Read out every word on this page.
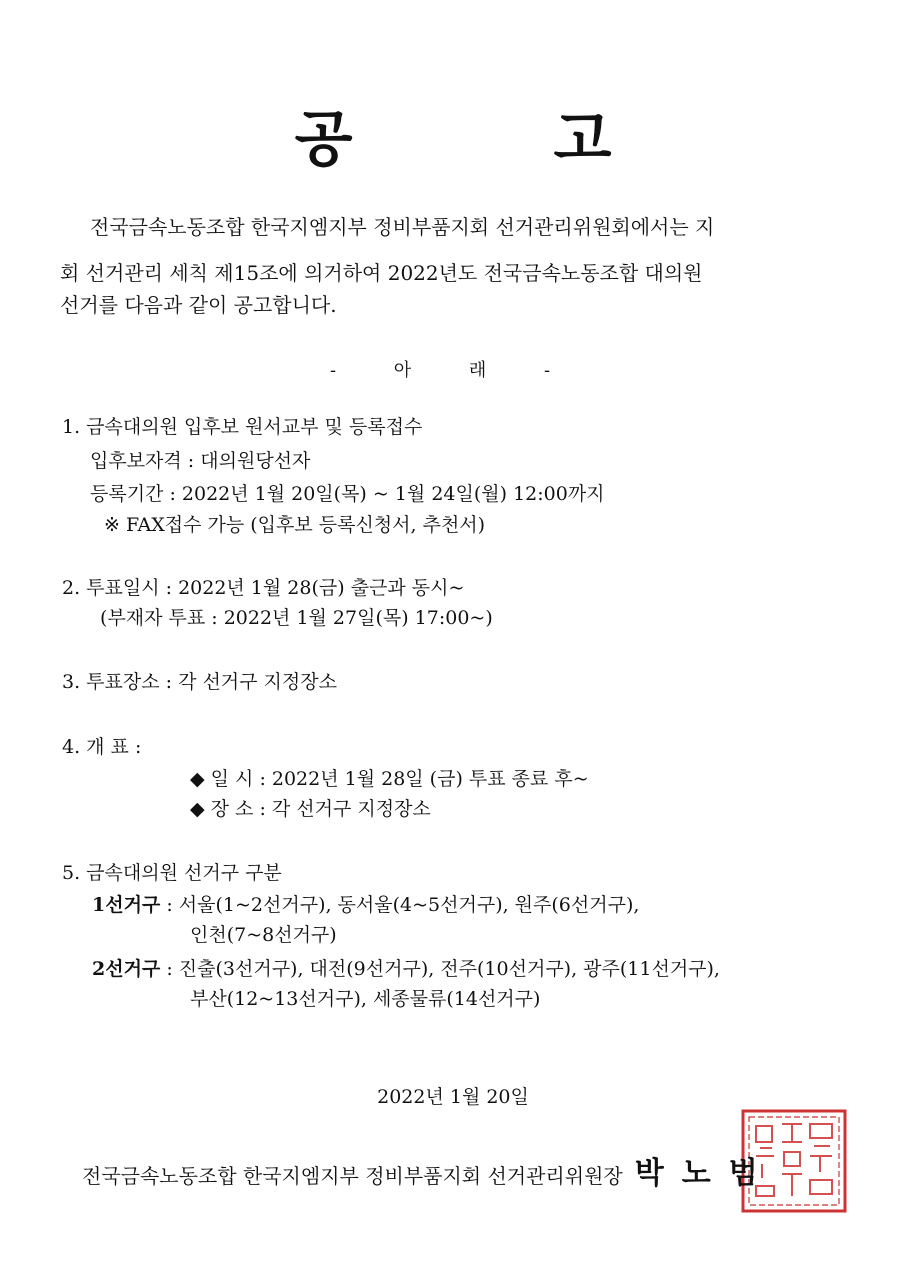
공 고
전국금속노동조합 한국지엠지부 정비부품지회 선거관리위원회에서는 지
회 선거관리 세칙 제15조에 의거하여 2022년도 전국금속노동조합 대의원
선거를 다음과 같이 공고합니다.
- 아 래 -
1. 금속대의원 입후보 원서교부 및 등록접수
입후보자격 : 대의원당선자
등록기간 : 2022년 1월 20일(목) ~ 1월 24일(월) 12:00까지
※ FAX접수 가능 (입후보 등록신청서, 추천서)
2. 투표일시 : 2022년 1월 28(금) 출근과 동시~
(부재자 투표 : 2022년 1월 27일(목) 17:00~)
3. 투표장소 : 각 선거구 지정장소
4. 개 표 :
◆ 일 시 : 2022년 1월 28일 (금) 투표 종료 후~
◆ 장 소 : 각 선거구 지정장소
5. 금속대의원 선거구 구분
1선거구 : 서울(1~2선거구), 동서울(4~5선거구), 원주(6선거구),
인천(7~8선거구)
2선거구 : 진출(3선거구), 대전(9선거구), 전주(10선거구), 광주(11선거구),
부산(12~13선거구), 세종물류(14선거구)
2022년 1월 20일
전국금속노동조합 한국지엠지부 정비부품지회 선거관리위원장 박노범
